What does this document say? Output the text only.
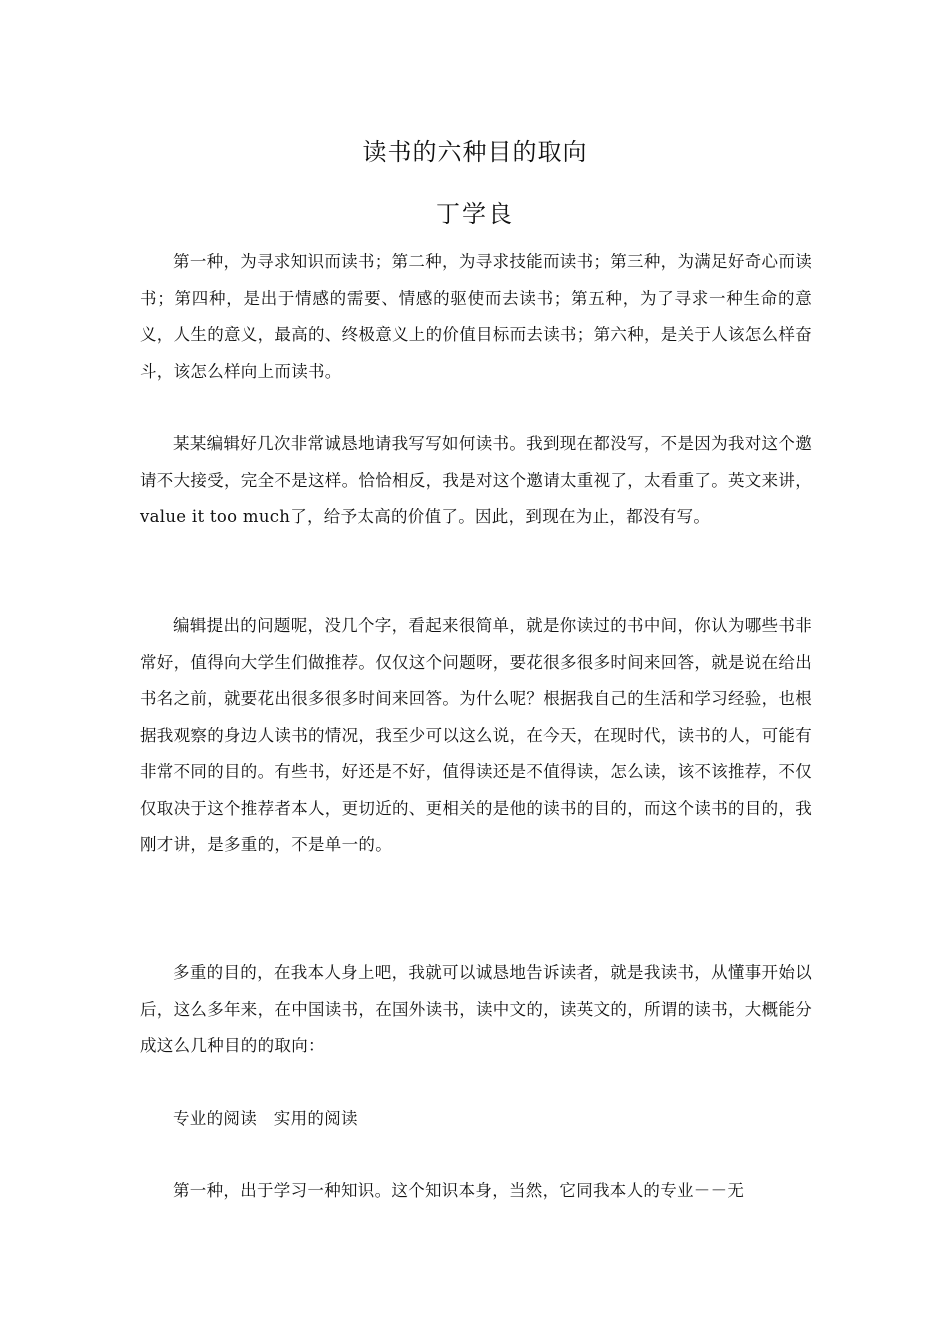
读书的六种目的取向
丁学良

第一种，为寻求知识而读书；第二种，为寻求技能而读书；第三种，为满足好奇心而读书；第四种，是出于情感的需要、情感的驱使而去读书；第五种，为了寻求一种生命的意义，人生的意义，最高的、终极意义上的价值目标而去读书；第六种，是关于人该怎么样奋斗，该怎么样向上而读书。

某某编辑好几次非常诚恳地请我写写如何读书。我到现在都没写，不是因为我对这个邀请不大接受，完全不是这样。恰恰相反，我是对这个邀请太重视了，太看重了。英文来讲，value it too much了，给予太高的价值了。因此，到现在为止，都没有写。

编辑提出的问题呢，没几个字，看起来很简单，就是你读过的书中间，你认为哪些书非常好，值得向大学生们做推荐。仅仅这个问题呀，要花很多很多时间来回答，就是说在给出书名之前，就要花出很多很多时间来回答。为什么呢？根据我自己的生活和学习经验，也根据我观察的身边人读书的情况，我至少可以这么说，在今天，在现时代，读书的人，可能有非常不同的目的。有些书，好还是不好，值得读还是不值得读，怎么读，该不该推荐，不仅仅取决于这个推荐者本人，更切近的、更相关的是他的读书的目的，而这个读书的目的，我刚才讲，是多重的，不是单一的。

多重的目的，在我本人身上吧，我就可以诚恳地告诉读者，就是我读书，从懂事开始以后，这么多年来，在中国读书，在国外读书，读中文的，读英文的，所谓的读书，大概能分成这么几种目的的取向：

专业的阅读　实用的阅读

第一种，出于学习一种知识。这个知识本身，当然，它同我本人的专业－－无
